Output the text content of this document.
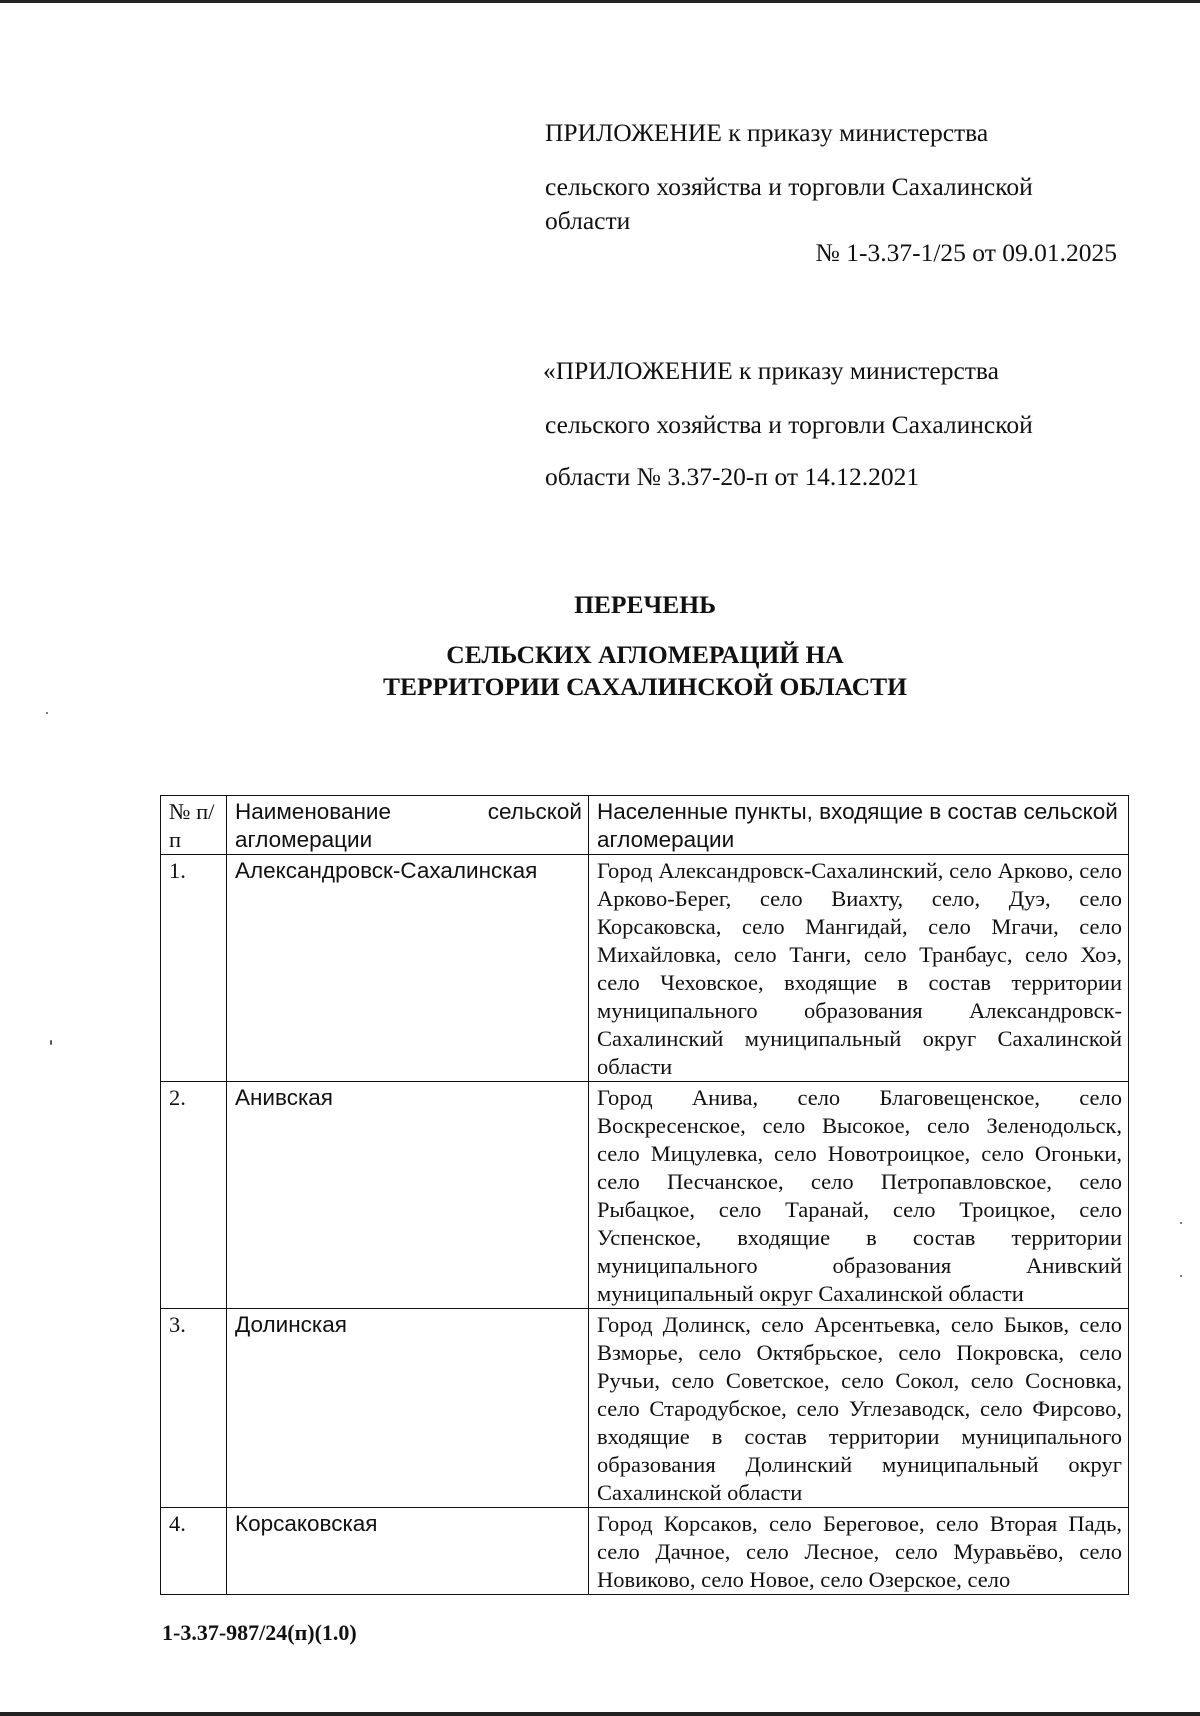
ПРИЛОЖЕНИЕ к приказу министерства
сельского хозяйства и торговли Сахалинской
области
№ 1-3.37-1/25 от 09.01.2025
«ПРИЛОЖЕНИЕ к приказу министерства
сельского хозяйства и торговли Сахалинской
области № 3.37-20-п от 14.12.2021
ПЕРЕЧЕНЬ
СЕЛЬСКИХ АГЛОМЕРАЦИЙ НА
ТЕРРИТОРИИ САХАЛИНСКОЙ ОБЛАСТИ
№ п/п	Наименование сельской агломерации	Населенные пункты, входящие в состав сельской агломерации
1.	Александровск-Сахалинская	Город Александровск-Сахалинский, село Арково, село Арково-Берег, село Виахту, село, Дуэ, село Корсаковска, село Мангидай, село Мгачи, село Михайловка, село Танги, село Транбаус, село Хоэ, село Чеховское, входящие в состав территории муниципального образования Александровск-Сахалинский муниципальный округ Сахалинской области
2.	Анивская	Город Анива, село Благовещенское, село Воскресенское, село Высокое, село Зеленодольск, село Мицулевка, село Новотроицкое, село Огоньки, село Песчанское, село Петропавловское, село Рыбацкое, село Таранай, село Троицкое, село Успенское, входящие в состав территории муниципального образования Анивский муниципальный округ Сахалинской области
3.	Долинская	Город Долинск, село Арсентьевка, село Быков, село Взморье, село Октябрьское, село Покровска, село Ручьи, село Советское, село Сокол, село Сосновка, село Стародубское, село Углезаводск, село Фирсово, входящие в состав территории муниципального образования Долинский муниципальный округ Сахалинской области
4.	Корсаковская	Город Корсаков, село Береговое, село Вторая Падь, село Дачное, село Лесное, село Муравьёво, село Новиково, село Новое, село Озерское, село
1-3.37-987/24(п)(1.0)
